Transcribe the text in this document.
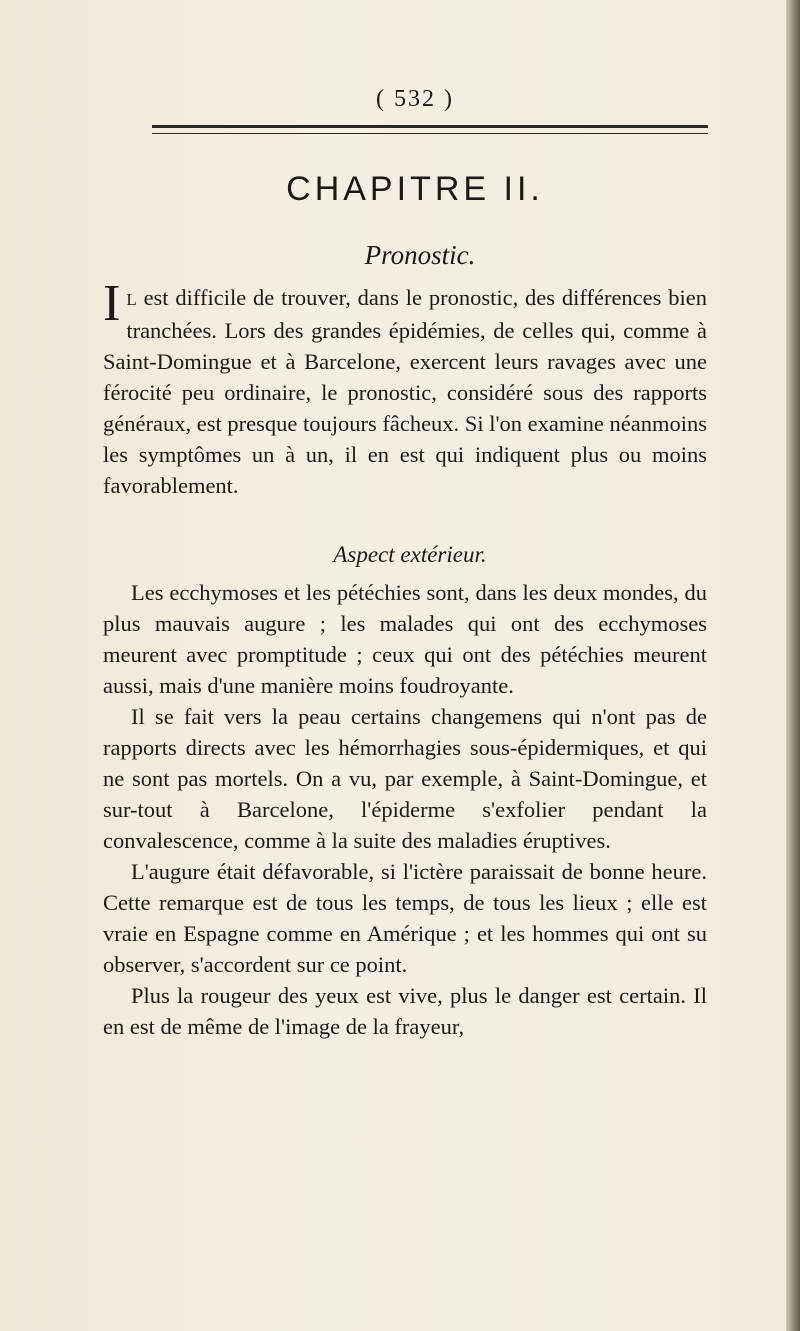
( 532 )
CHAPITRE II.
Pronostic.

IL est difficile de trouver, dans le pronostic, des différences bien tranchées. Lors des grandes épidémies, de celles qui, comme à Saint-Domingue et à Barcelone, exercent leurs ravages avec une férocité peu ordinaire, le pronostic, considéré sous des rapports généraux, est presque toujours fâcheux. Si l'on examine néanmoins les symptômes un à un, il en est qui indiquent plus ou moins favorablement.

Aspect extérieur.

Les ecchymoses et les pétéchies sont, dans les deux mondes, du plus mauvais augure ; les malades qui ont des ecchymoses meurent avec promptitude ; ceux qui ont des pétéchies meurent aussi, mais d'une manière moins foudroyante.

Il se fait vers la peau certains changemens qui n'ont pas de rapports directs avec les hémorrhagies sous-épidermiques, et qui ne sont pas mortels. On a vu, par exemple, à Saint-Domingue, et sur-tout à Barcelone, l'épiderme s'exfolier pendant la convalescence, comme à la suite des maladies éruptives.

L'augure était défavorable, si l'ictère paraissait de bonne heure. Cette remarque est de tous les temps, de tous les lieux ; elle est vraie en Espagne comme en Amérique ; et les hommes qui ont su observer, s'accordent sur ce point.

Plus la rougeur des yeux est vive, plus le danger est certain. Il en est de même de l'image de la frayeur,
